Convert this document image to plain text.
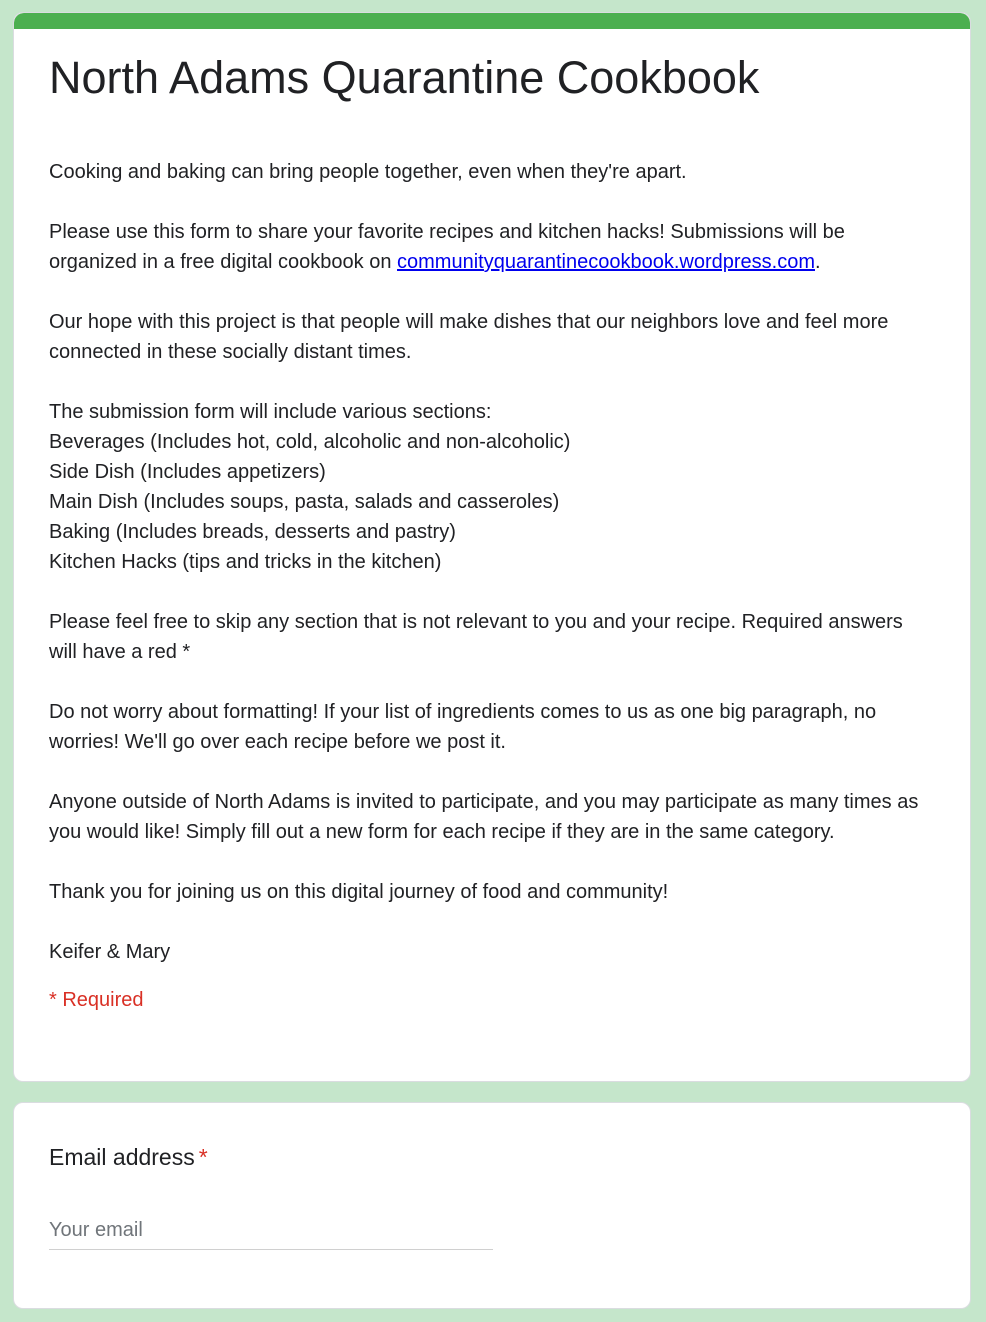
North Adams Quarantine Cookbook

Cooking and baking can bring people together, even when they're apart.

Please use this form to share your favorite recipes and kitchen hacks! Submissions will be organized in a free digital cookbook on communityquarantinecookbook.wordpress.com.

Our hope with this project is that people will make dishes that our neighbors love and feel more connected in these socially distant times.

The submission form will include various sections:

Beverages (Includes hot, cold, alcoholic and non-alcoholic)

Side Dish (Includes appetizers)

Main Dish (Includes soups, pasta, salads and casseroles)

Baking (Includes breads, desserts and pastry)

Kitchen Hacks (tips and tricks in the kitchen)

Please feel free to skip any section that is not relevant to you and your recipe. Required answers will have a red *

Do not worry about formatting! If your list of ingredients comes to us as one big paragraph, no worries! We'll go over each recipe before we post it.

Anyone outside of North Adams is invited to participate, and you may participate as many times as you would like! Simply fill out a new form for each recipe if they are in the same category.

Thank you for joining us on this digital journey of food and community!

Keifer & Mary

* Required
Email address *
Your email
